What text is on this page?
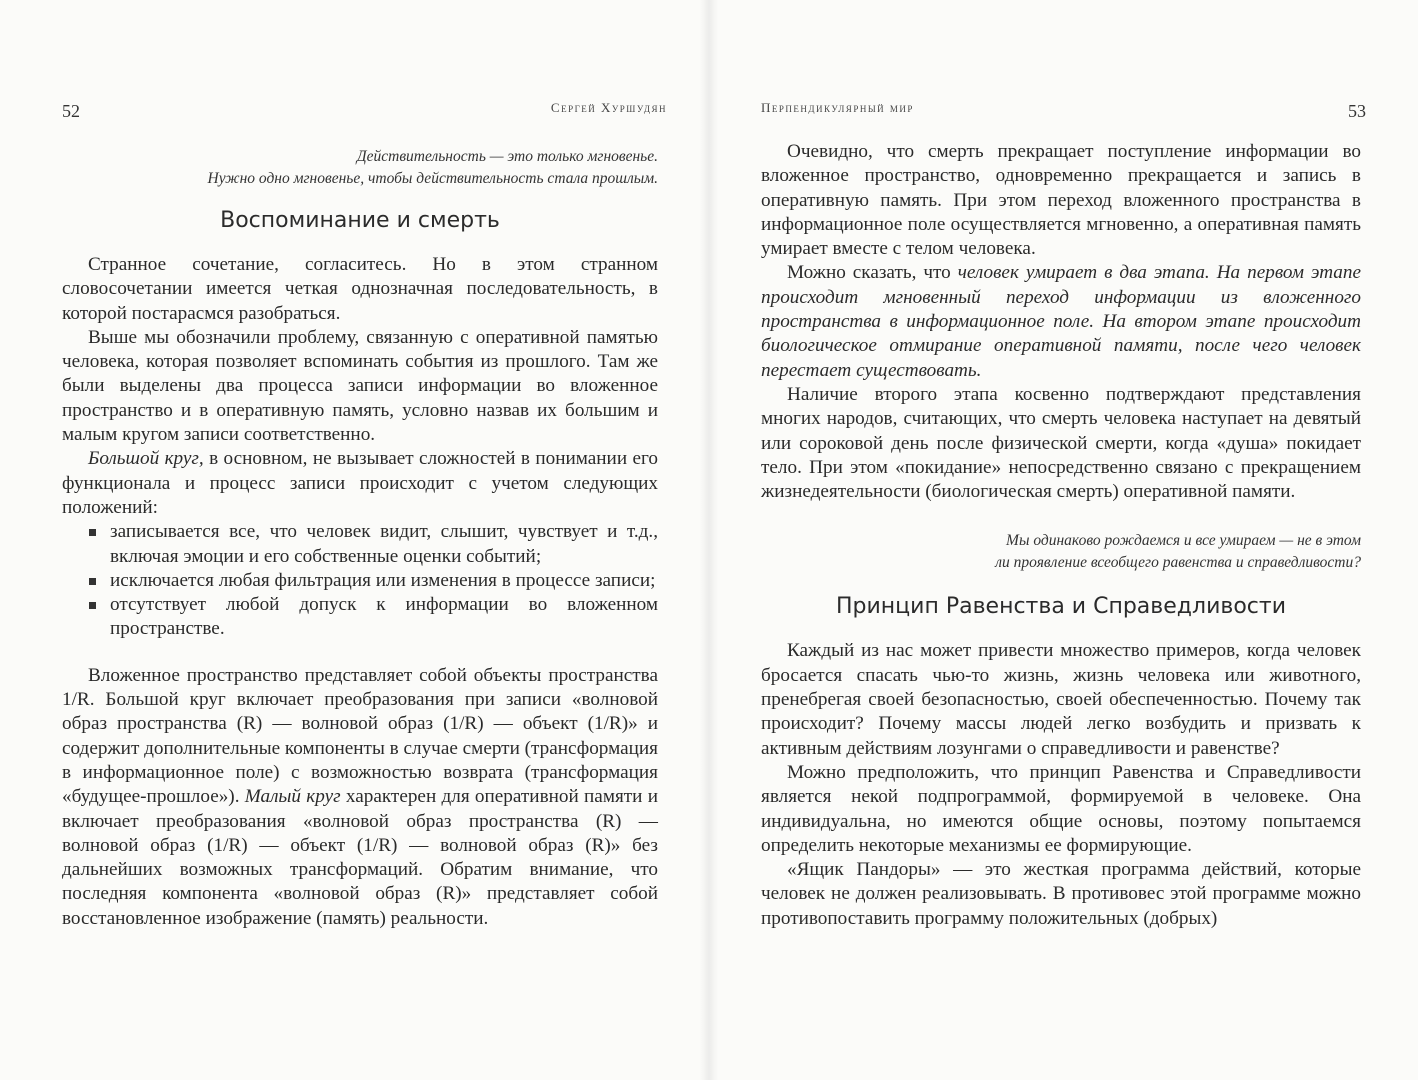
52	Сергей Хуршудян
Действительность — это только мгновенье.
Нужно одно мгновенье, чтобы действительность стала прошлым.
Воспоминание и смерть

Странное сочетание, согласитесь. Но в этом странном словосочетании имеется четкая однозначная последовательность, в которой постарасмся разобраться.

Выше мы обозначили проблему, связанную с оперативной памятью человека, которая позволяет вспоминать события из прошлого. Там же были выделены два процесса записи информации во вложенное пространство и в оперативную память, условно назвав их большим и малым кругом записи соответственно.

Большой круг, в основном, не вызывает сложностей в понимании его функционала и процесс записи происходит с учетом следующих положений:

записывается все, что человек видит, слышит, чувствует и т.д., включая эмоции и его собственные оценки событий;
исключается любая фильтрация или изменения в процессе записи;
отсутствует любой допуск к информации во вложенном пространстве.

Вложенное пространство представляет собой объекты пространства 1/R. Большой круг включает преобразования при записи «волновой образ пространства (R) — волновой образ (1/R) — объект (1/R)» и содержит дополнительные компоненты в случае смерти (трансформация в информационное поле) с возможностью возврата (трансформация «будущее-прошлое»). Малый круг характерен для оперативной памяти и включает преобразования «волновой образ пространства (R) — волновой образ (1/R) — объект (1/R) — волновой образ (R)» без дальнейших возможных трансформаций. Обратим внимание, что последняя компонента «волновой образ (R)» представляет собой восстановленное изображение (память) реальности.

Перпендикулярный мир	53

Очевидно, что смерть прекращает поступление информации во вложенное пространство, одновременно прекращается и запись в оперативную память. При этом переход вложенного пространства в информационное поле осуществляется мгновенно, а оперативная память умирает вместе с телом человека.

Можно сказать, что человек умирает в два этапа. На первом этапе происходит мгновенный переход информации из вложенного пространства в информационное поле. На втором этапе происходит биологическое отмирание оперативной памяти, после чего человек перестает существовать.

Наличие второго этапа косвенно подтверждают представления многих народов, считающих, что смерть человека наступает на девятый или сороковой день после физической смерти, когда «душа» покидает тело. При этом «покидание» непосредственно связано с прекращением жизнедеятельности (биологическая смерть) оперативной памяти.

Мы одинаково рождаемся и все умираем — не в этом
ли проявление всеобщего равенства и справедливости?
Принцип Равенства и Справедливости

Каждый из нас может привести множество примеров, когда человек бросается спасать чью-то жизнь, жизнь человека или животного, пренебрегая своей безопасностью, своей обеспеченностью. Почему так происходит? Почему массы людей легко возбудить и призвать к активным действиям лозунгами о справедливости и равенстве?

Можно предположить, что принцип Равенства и Справедливости является некой подпрограммой, формируемой в человеке. Она индивидуальна, но имеются общие основы, поэтому попытаемся определить некоторые механизмы ее формирующие.

«Ящик Пандоры» — это жесткая программа действий, которые человек не должен реализовывать. В противовес этой программе можно противопоставить программу положительных (добрых)
